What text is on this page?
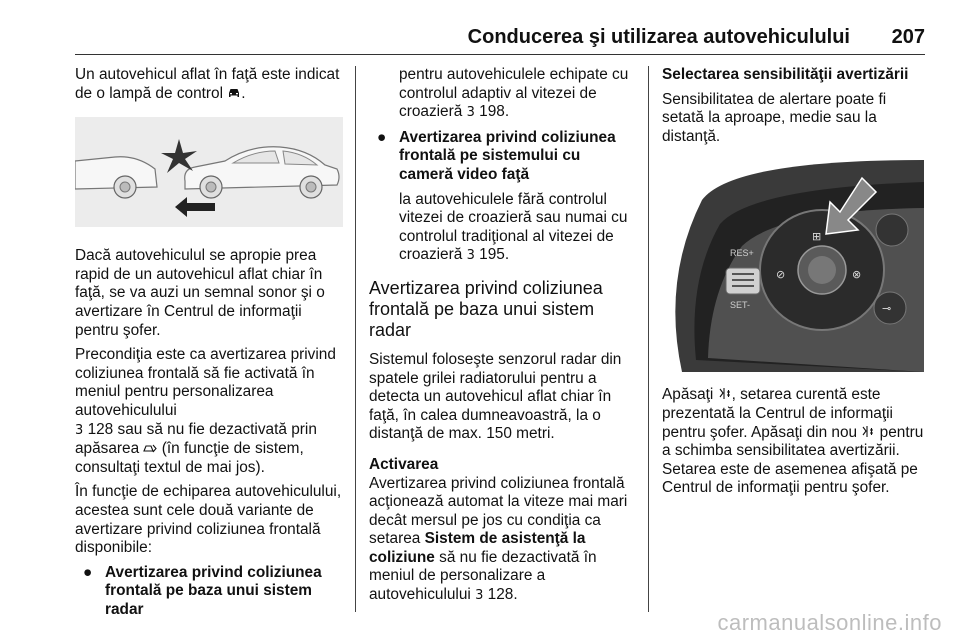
Conducerea şi utilizarea autovehiculului 207

Un autovehicul aflat în faţă este indicat de o lampă de control .

Dacă autovehiculul se apropie prea rapid de un autovehicul aflat chiar în faţă, se va auzi un semnal sonor şi o avertizare în Centrul de informaţii pentru şofer.

Precondiţia este ca avertizarea privind coliziunea frontală să fie activată în meniul pentru personalizarea autovehiculului
3 128 sau să nu fie dezactivată prin apăsarea (în funcţie de sistem, consultaţi textul de mai jos).

În funcţie de echiparea autovehiculului, acestea sunt cele două variante de avertizare privind coliziunea frontală disponibile:

● Avertizarea privind coliziunea frontală pe baza unui sistem radar
pentru autovehiculele echipate cu controlul adaptiv al vitezei de croazieră 3 198.
● Avertizarea privind coliziunea frontală pe sistemului cu cameră video faţă
la autovehiculele fără controlul vitezei de croazieră sau numai cu controlul tradiţional al vitezei de croazieră 3 195.
Avertizarea privind coliziunea frontală pe baza unui sistem radar

Sistemul foloseşte senzorul radar din spatele grilei radiatorului pentru a detecta un autovehicul aflat chiar în faţă, în calea dumneavoastră, la o distanţă de max. 150 metri.

Activarea
Avertizarea privind coliziunea frontală acţionează automat la viteze mai mari decât mersul pe jos cu condiţia ca setarea Sistem de asistenţă la coliziune să nu fie dezactivată în meniul de personalizare a autovehiculului 3 128.

Selectarea sensibilităţii avertizării

Sensibilitatea de alertare poate fi setată la aproape, medie sau la distanţă.

RES+
SET-
⊞
⊘	⊗
⊸

Apăsaţi , setarea curentă este prezentată la Centrul de informaţii pentru şofer. Apăsaţi din nou pentru a schimba sensibilitatea avertizării. Setarea este de asemenea afişată pe Centrul de informaţii pentru şofer.

carmanualsonline.info
